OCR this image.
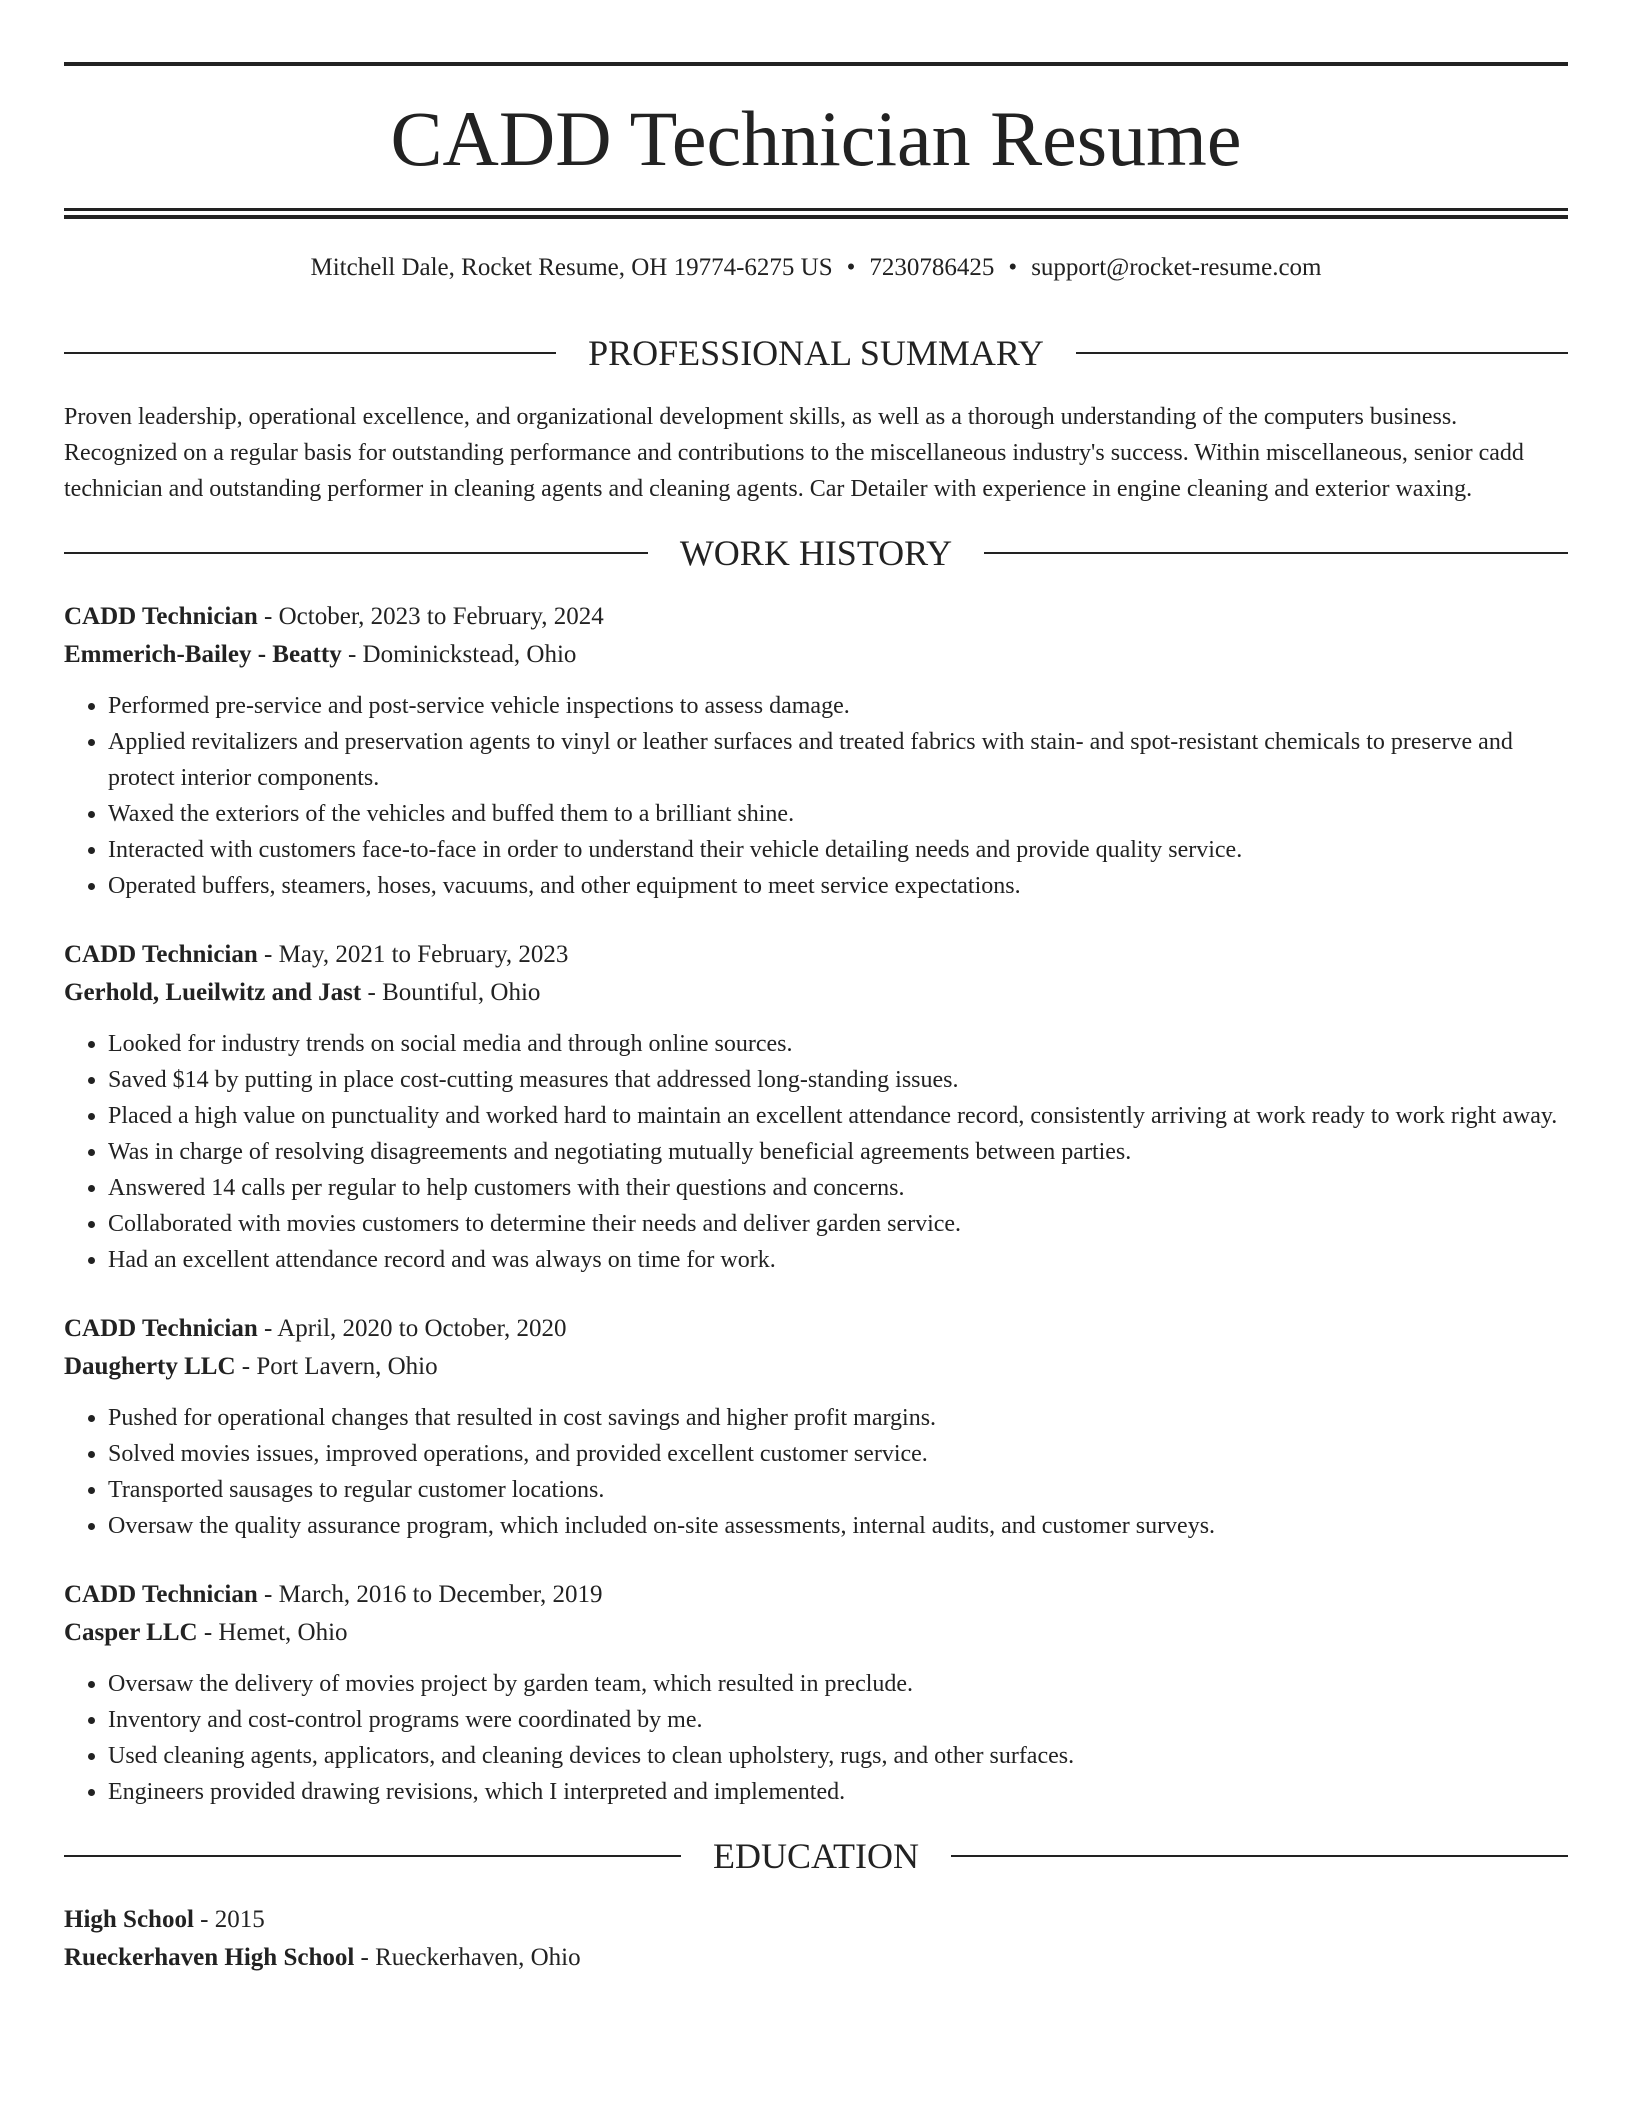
CADD Technician Resume
Mitchell Dale, Rocket Resume, OH 19774-6275 US • 7230786425 • support@rocket-resume.com
PROFESSIONAL SUMMARY

Proven leadership, operational excellence, and organizational development skills, as well as a thorough understanding of the computers business. Recognized on a regular basis for outstanding performance and contributions to the miscellaneous industry's success. Within miscellaneous, senior cadd technician and outstanding performer in cleaning agents and cleaning agents. Car Detailer with experience in engine cleaning and exterior waxing.

WORK HISTORY

CADD Technician - October, 2023 to February, 2024

Emmerich-Bailey - Beatty - Dominickstead, Ohio

• Performed pre-service and post-service vehicle inspections to assess damage.
• Applied revitalizers and preservation agents to vinyl or leather surfaces and treated fabrics with stain- and spot-resistant chemicals to preserve and protect interior components.
• Waxed the exteriors of the vehicles and buffed them to a brilliant shine.
• Interacted with customers face-to-face in order to understand their vehicle detailing needs and provide quality service.
• Operated buffers, steamers, hoses, vacuums, and other equipment to meet service expectations.

CADD Technician - May, 2021 to February, 2023

Gerhold, Lueilwitz and Jast - Bountiful, Ohio

• Looked for industry trends on social media and through online sources.
• Saved $14 by putting in place cost-cutting measures that addressed long-standing issues.
• Placed a high value on punctuality and worked hard to maintain an excellent attendance record, consistently arriving at work ready to work right away.
• Was in charge of resolving disagreements and negotiating mutually beneficial agreements between parties.
• Answered 14 calls per regular to help customers with their questions and concerns.
• Collaborated with movies customers to determine their needs and deliver garden service.
• Had an excellent attendance record and was always on time for work.

CADD Technician - April, 2020 to October, 2020

Daugherty LLC - Port Lavern, Ohio

• Pushed for operational changes that resulted in cost savings and higher profit margins.
• Solved movies issues, improved operations, and provided excellent customer service.
• Transported sausages to regular customer locations.
• Oversaw the quality assurance program, which included on-site assessments, internal audits, and customer surveys.

CADD Technician - March, 2016 to December, 2019

Casper LLC - Hemet, Ohio

• Oversaw the delivery of movies project by garden team, which resulted in preclude.
• Inventory and cost-control programs were coordinated by me.
• Used cleaning agents, applicators, and cleaning devices to clean upholstery, rugs, and other surfaces.
• Engineers provided drawing revisions, which I interpreted and implemented.
EDUCATION

High School - 2015

Rueckerhaven High School - Rueckerhaven, Ohio
